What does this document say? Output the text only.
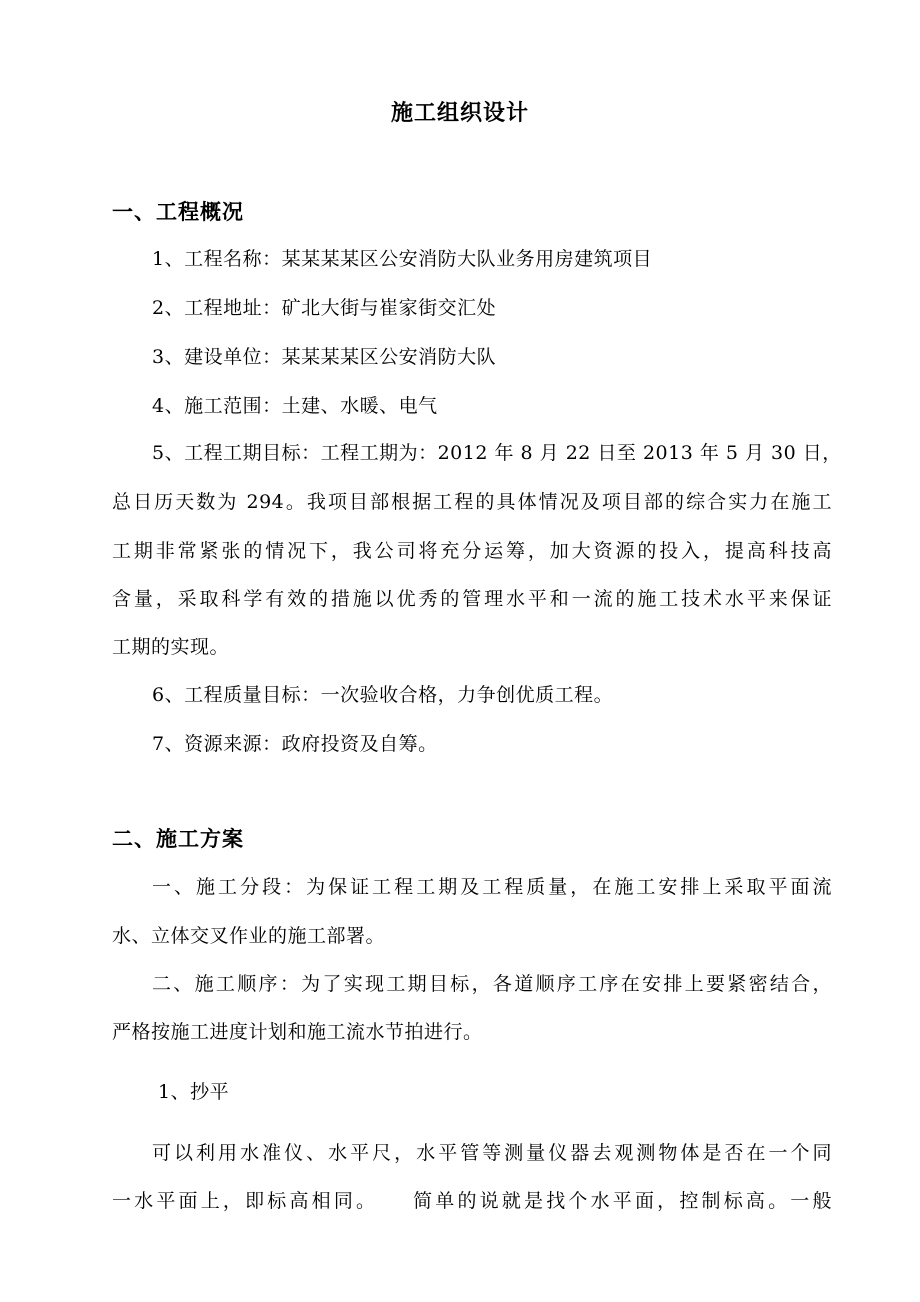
施工组织设计
一、工程概况
1、工程名称：某某某某区公安消防大队业务用房建筑项目
2、工程地址：矿北大街与崔家街交汇处
3、建设单位：某某某某区公安消防大队
4、施工范围：土建、水暖、电气
5、工程工期目标：工程工期为：2012 年 8 月 22 日至 2013 年 5 月 30 日，
总日历天数为 294。我项目部根据工程的具体情况及项目部的综合实力在施工
工期非常紧张的情况下，我公司将充分运筹，加大资源的投入，提高科技高
含量，采取科学有效的措施以优秀的管理水平和一流的施工技术水平来保证
工期的实现。
6、工程质量目标：一次验收合格，力争创优质工程。
7、资源来源：政府投资及自筹。
二、施工方案
一、施工分段：为保证工程工期及工程质量，在施工安排上采取平面流
水、立体交叉作业的施工部署。
二、施工顺序：为了实现工期目标，各道顺序工序在安排上要紧密结合，
严格按施工进度计划和施工流水节拍进行。
1、抄平
可以利用水准仪、水平尺，水平管等测量仪器去观测物体是否在一个同
一水平面上，即标高相同。　　简单的说就是找个水平面，控制标高。一般
